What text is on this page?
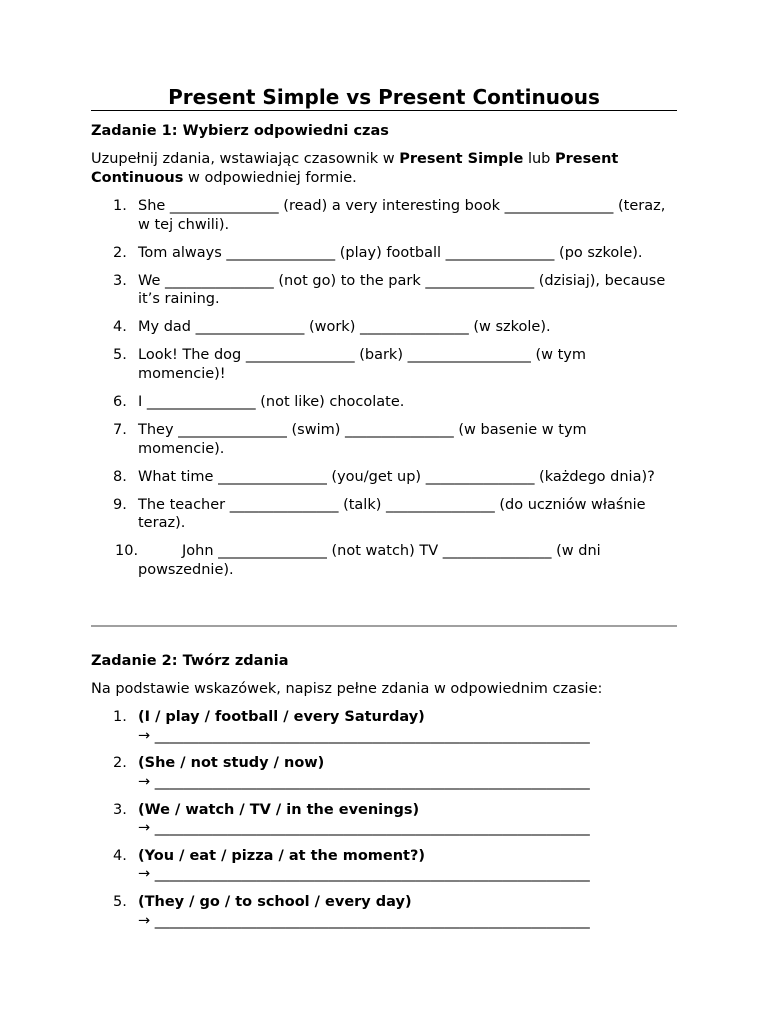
Present Simple vs Present Continuous
Zadanie 1: Wybierz odpowiedni czas
Uzupełnij zdania, wstawiając czasownik w Present Simple lub Present Continuous w odpowiedniej formie.
1. She _______________ (read) a very interesting book _______________ (teraz, w tej chwili).
2. Tom always _______________ (play) football _______________ (po szkole).
3. We _______________ (not go) to the park _______________ (dzisiaj), because it’s raining.
4. My dad _______________ (work) _______________ (w szkole).
5. Look! The dog _______________ (bark) _________________ (w tym momencie)!
6. I _______________ (not like) chocolate.
7. They _______________ (swim) _______________ (w basenie w tym momencie).
8. What time _______________ (you/get up) _______________ (każdego dnia)?
9. The teacher _______________ (talk) _______________ (do uczniów właśnie teraz).
10.	John _______________ (not watch) TV _______________ (w dni powszednie).
Zadanie 2: Twórz zdania
Na podstawie wskazówek, napisz pełne zdania w odpowiednim czasie:
1. (I / play / football / every Saturday)
→ ____________________________________________________________
2. (She / not study / now)
→ ____________________________________________________________
3. (We / watch / TV / in the evenings)
→ ____________________________________________________________
4. (You / eat / pizza / at the moment?)
→ ____________________________________________________________
5. (They / go / to school / every day)
→ ____________________________________________________________
